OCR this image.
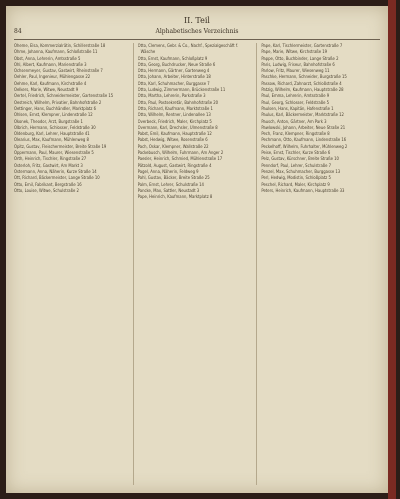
II. Teil
84	Alphabetisches Verzeichnis

Oheme, Elsa, Kommerzialrätin, Schillerstraße 18

Ohme, Johanna, Kaufmann, Schloßstraße 11

Obst, Anna, Lehrerin, Amtsstraße 5

Ohl, Albert, Kaufmann, Marienstraße 3

Ochsenmeyer, Gustav, Gastwirt, Rheinstraße 7

Oehler, Paul, Ingenieur, Mühlengasse 22

Oehme, Karl, Kaufmann, Kirchstraße 4

Oelkers, Marie, Witwe, Neustadt 9

Oertel, Friedrich, Schneidermeister, Gartenstraße 15

Oestreich, Wilhelm, Privatier, Bahnhofstraße 2

Oettinger, Hans, Buchhändler, Marktplatz 6

Ohlsen, Ernst, Klempner, Lindenstraße 12

Okonek, Theodor, Arzt, Burgstraße 1

Olbrich, Hermann, Schlosser, Feldstraße 30

Oldenburg, Karl, Lehrer, Hauptstraße 41

Olearius, Max, Kaufmann, Mühlenweg 8

Opitz, Gustav, Fleischermeister, Breite Straße 19

Oppermann, Paul, Maurer, Wiesenstraße 5

Orth, Heinrich, Tischler, Ringstraße 27

Osterloh, Fritz, Gastwirt, Am Markt 3

Ostermann, Anna, Näherin, Kurze Straße 14

Ott, Richard, Bäckermeister, Lange Straße 10

Otto, Emil, Fabrikant, Bergstraße 16

Otto, Louise, Witwe, Schulstraße 2

Otto, Clemens, Gebr. & Co., Nachf., Spezialgeschäft f. Wäsche

Otto, Ernst, Kaufmann, Schloßplatz 9

Otto, Georg, Buchdrucker, Neue Straße 6

Otto, Hermann, Gärtner, Gartenweg 4

Otto, Johann, Arbeiter, Hinterstraße 18

Otto, Karl, Schuhmacher, Burggasse 7

Otto, Ludwig, Zimmermann, Brückenstraße 11

Otto, Martha, Lehrerin, Parkstraße 3

Otto, Paul, Postsekretär, Bahnhofstraße 20

Otto, Richard, Kaufmann, Marktstraße 1

Otto, Wilhelm, Rentner, Lindenallee 13

Overbeck, Friedrich, Maler, Kirchplatz 5

Overmann, Karl, Drechsler, Ulmenstraße 8

Pabst, Emil, Kaufmann, Hauptstraße 12

Pabst, Hedwig, Witwe, Rosenstraße 6

Pach, Oskar, Klempner, Wallstraße 22

Packebusch, Wilhelm, Fuhrmann, Am Anger 2

Paesler, Heinrich, Schmied, Mühlenstraße 17

Pätzold, August, Gastwirt, Ringstraße 4

Pagel, Anna, Näherin, Feldweg 9

Pahl, Gustav, Bäcker, Breite Straße 25

Palm, Ernst, Lehrer, Schulstraße 14

Pancke, Max, Sattler, Neustadt 3

Pape, Heinrich, Kaufmann, Marktplatz 8

Pape, Karl, Tischlermeister, Gartenstraße 7

Pape, Marie, Witwe, Kirchstraße 19

Pappe, Otto, Buchbinder, Lange Straße 2

Paris, Ludwig, Friseur, Bahnhofstraße 6

Parlow, Fritz, Maurer, Wiesenweg 11

Paschke, Hermann, Schneider, Burgstraße 15

Passow, Richard, Zahnarzt, Schloßstraße 4

Patzig, Wilhelm, Kaufmann, Hauptstraße 28

Paul, Emma, Lehrerin, Amtsstraße 9

Paul, Georg, Schlosser, Feldstraße 5

Paulsen, Hans, Kapitän, Hafenstraße 1

Paulus, Karl, Bäckermeister, Marktstraße 12

Pausch, Anton, Gärtner, Am Park 3

Pawlowski, Johann, Arbeiter, Neue Straße 21

Pech, Franz, Klempner, Ringstraße 8

Pechmann, Otto, Kaufmann, Lindenstraße 16

Peckelhoff, Wilhelm, Fuhrhalter, Mühlenweg 2

Peise, Ernst, Tischler, Kurze Straße 6

Pelz, Gustav, Kürschner, Breite Straße 10

Penndorf, Paul, Lehrer, Schulstraße 7

Penzel, Max, Schuhmacher, Burggasse 13

Perl, Hedwig, Modistin, Schloßplatz 5

Peschel, Richard, Maler, Kirchplatz 9

Peters, Heinrich, Kaufmann, Hauptstraße 33
